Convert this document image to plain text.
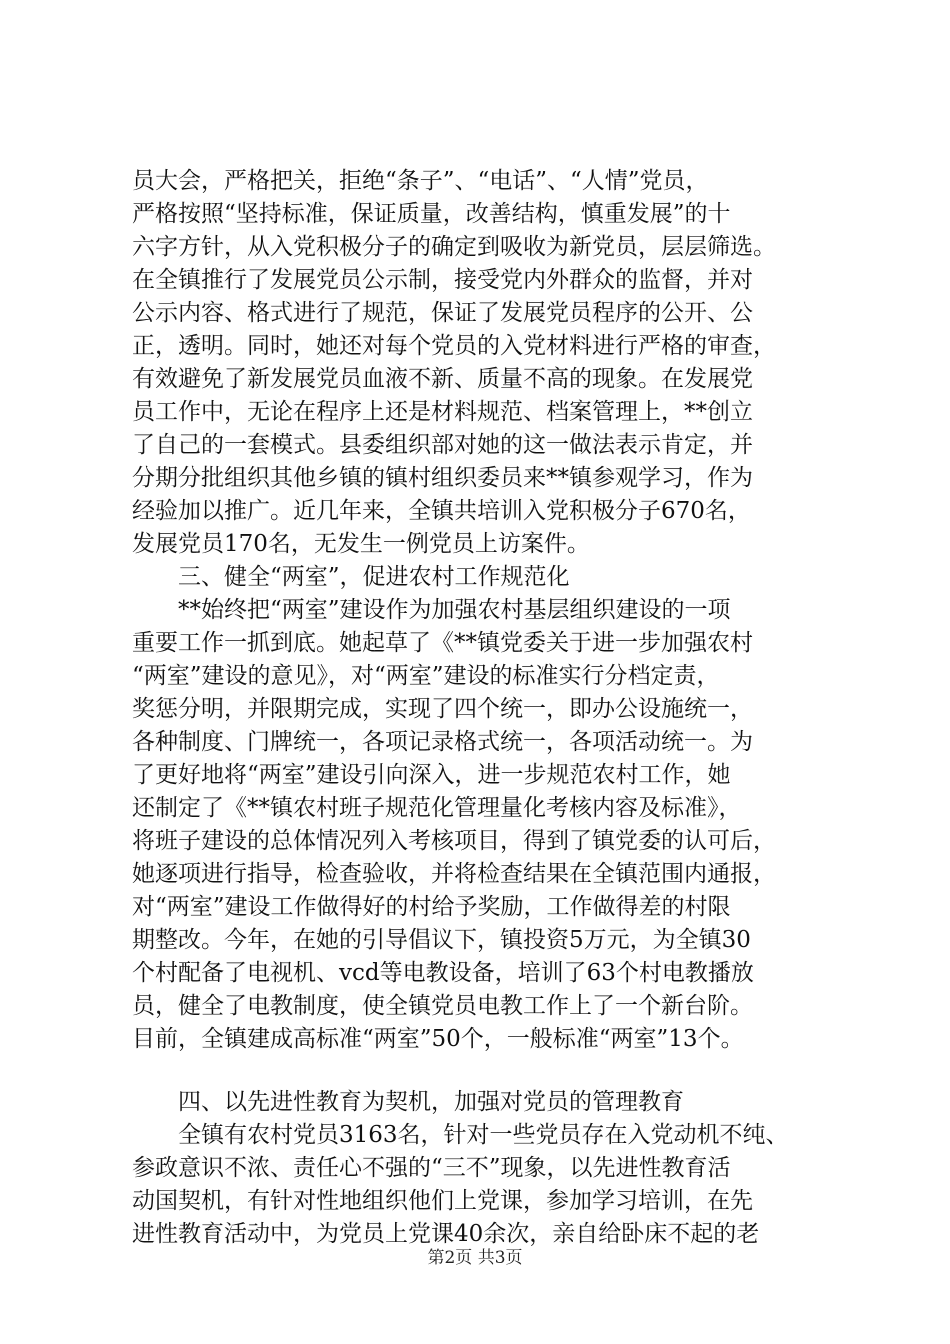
员大会，严格把关，拒绝“条子”、“电话”、“人情”党员，
严格按照“坚持标准，保证质量，改善结构，慎重发展”的十
六字方针，从入党积极分子的确定到吸收为新党员，层层筛选。
在全镇推行了发展党员公示制，接受党内外群众的监督，并对
公示内容、格式进行了规范，保证了发展党员程序的公开、公
正，透明。同时，她还对每个党员的入党材料进行严格的审查，
有效避免了新发展党员血液不新、质量不高的现象。在发展党
员工作中，无论在程序上还是材料规范、档案管理上，**创立
了自己的一套模式。县委组织部对她的这一做法表示肯定，并
分期分批组织其他乡镇的镇村组织委员来**镇参观学习，作为
经验加以推广。近几年来，全镇共培训入党积极分子670名，
发展党员170名，无发生一例党员上访案件。
　　三、健全“两室”，促进农村工作规范化
　　**始终把“两室”建设作为加强农村基层组织建设的一项
重要工作一抓到底。她起草了《**镇党委关于进一步加强农村
“两室”建设的意见》，对“两室”建设的标准实行分档定责，
奖惩分明，并限期完成，实现了四个统一，即办公设施统一，
各种制度、门牌统一，各项记录格式统一，各项活动统一。为
了更好地将“两室”建设引向深入，进一步规范农村工作，她
还制定了《**镇农村班子规范化管理量化考核内容及标准》，
将班子建设的总体情况列入考核项目，得到了镇党委的认可后，
她逐项进行指导，检查验收，并将检查结果在全镇范围内通报，
对“两室”建设工作做得好的村给予奖励，工作做得差的村限
期整改。今年，在她的引导倡议下，镇投资5万元，为全镇30
个村配备了电视机、vcd等电教设备，培训了63个村电教播放
员，健全了电教制度，使全镇党员电教工作上了一个新台阶。
目前，全镇建成高标准“两室”50个，一般标准“两室”13个。
　　四、以先进性教育为契机，加强对党员的管理教育
　　全镇有农村党员3163名，针对一些党员存在入党动机不纯、
参政意识不浓、责任心不强的“三不”现象，以先进性教育活
动国契机，有针对性地组织他们上党课，参加学习培训，在先
进性教育活动中，为党员上党课40余次，亲自给卧床不起的老
第2页 共3页
